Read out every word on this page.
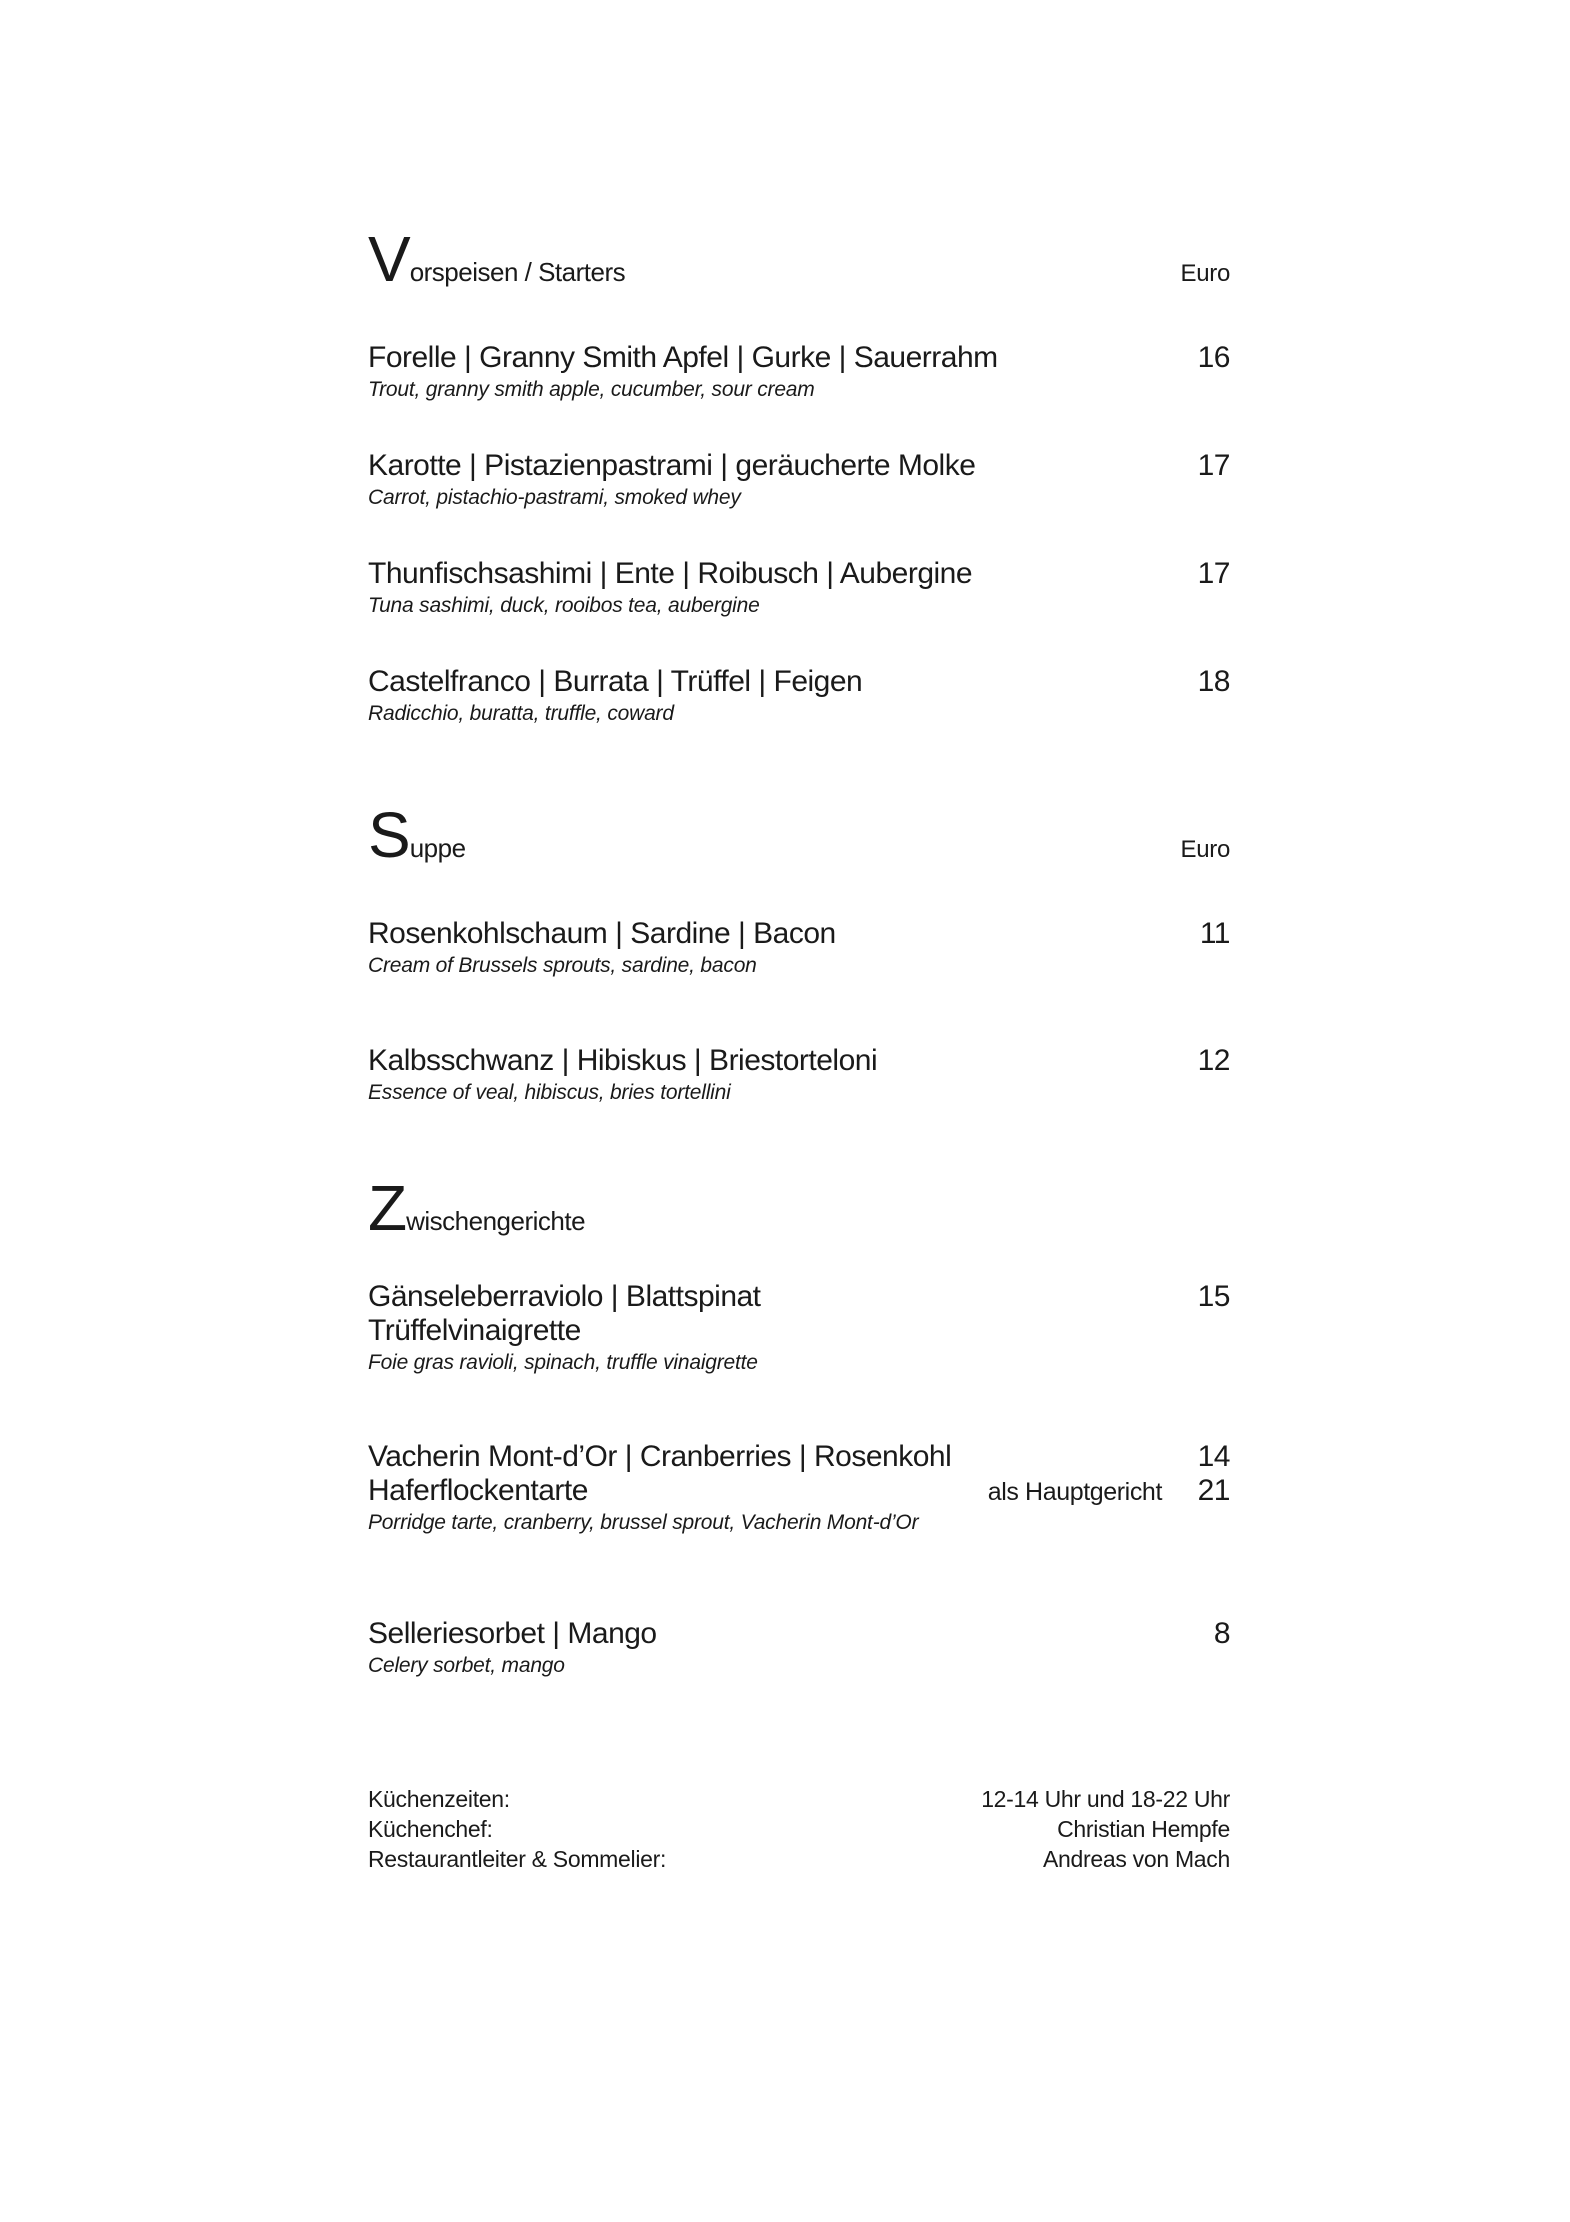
V orspeisen / Starters	Euro
Forelle | Granny Smith Apfel | Gurke | Sauerrahm	16
Trout, granny smith apple, cucumber, sour cream
Karotte | Pistazienpastrami | geräucherte Molke	17
Carrot, pistachio-pastrami, smoked whey
Thunfischsashimi | Ente | Roibusch | Aubergine	17
Tuna sashimi, duck, rooibos tea, aubergine
Castelfranco | Burrata | Trüffel | Feigen	18
Radicchio, buratta, truffle, coward
S uppe	Euro
Rosenkohlschaum | Sardine | Bacon	11
Cream of Brussels sprouts, sardine, bacon
Kalbsschwanz | Hibiskus | Briestorteloni	12
Essence of veal, hibiscus, bries tortellini
Z wischengerichte
Gänseleberraviolo | Blattspinat	15
Trüffelvinaigrette
Foie gras ravioli, spinach, truffle vinaigrette
Vacherin Mont-d’Or | Cranberries | Rosenkohl	14
Haferflockentarte	als Hauptgericht	21
Porridge tarte, cranberry, brussel sprout, Vacherin Mont-d’Or
Selleriesorbet | Mango	8
Celery sorbet, mango
Küchenzeiten:	12-14 Uhr und 18-22 Uhr
Küchenchef:	Christian Hempfe
Restaurantleiter & Sommelier:	Andreas von Mach
